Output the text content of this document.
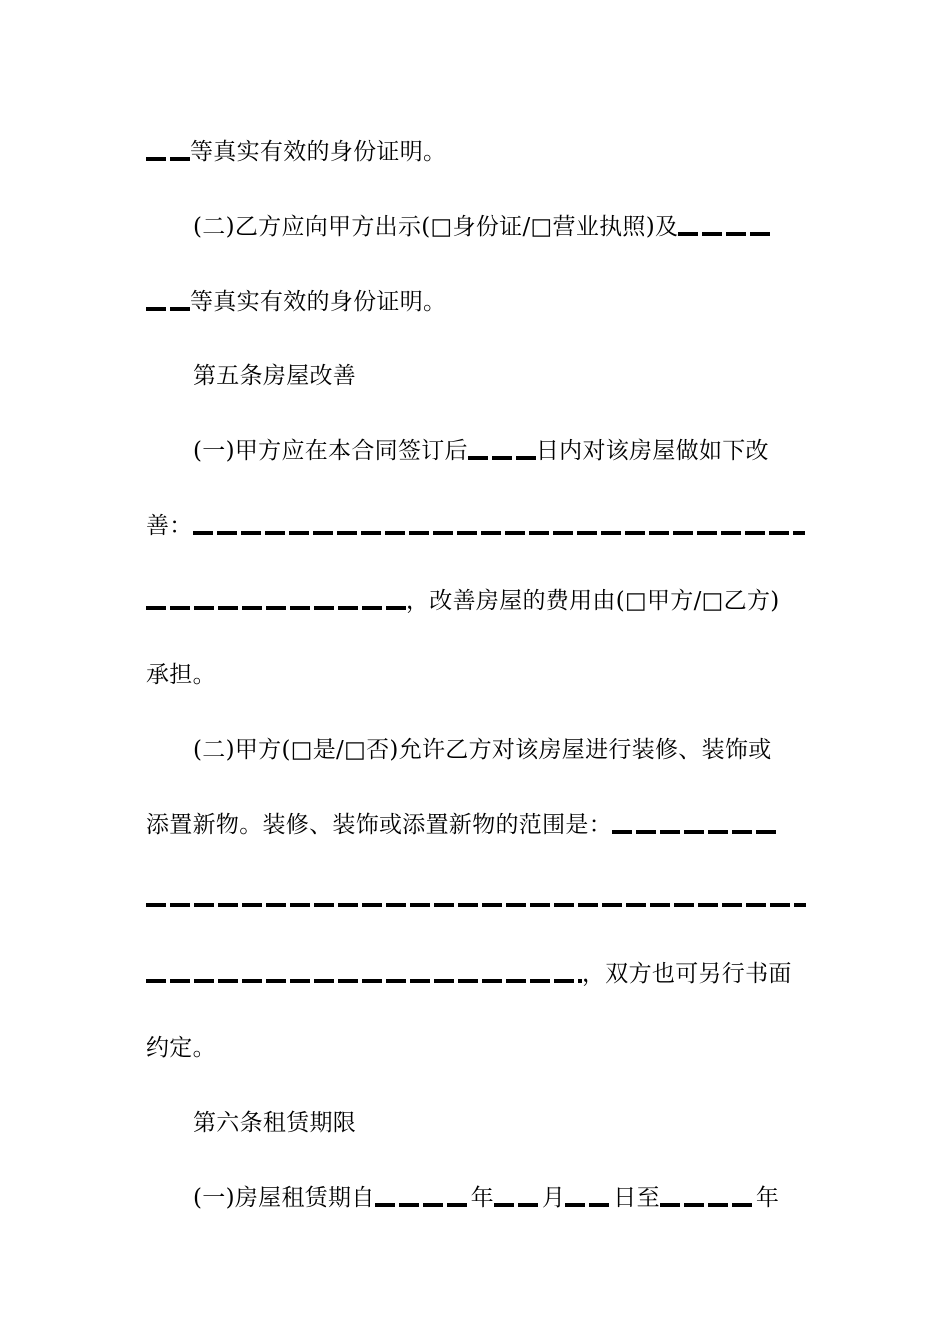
等真实有效的身份证明。
(二)乙方应向甲方出示(□身份证/□营业执照)及
等真实有效的身份证明。
第五条房屋改善
(一)甲方应在本合同签订后	日内对该房屋做如下改
善：
，改善房屋的费用由(□甲方/□乙方)
承担。
(二)甲方(□是/□否)允许乙方对该房屋进行装修、装饰或
添置新物。装修、装饰或添置新物的范围是：
，双方也可另行书面
约定。
第六条租赁期限
(一)房屋租赁期自	年 月 日至	年
